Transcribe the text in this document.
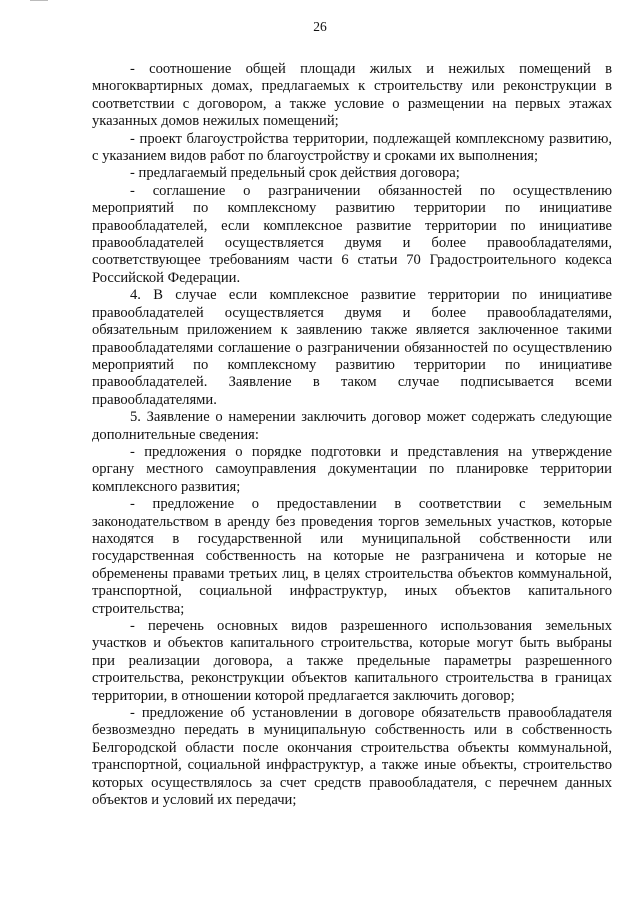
26

- соотношение общей площади жилых и нежилых помещений в многоквартирных домах, предлагаемых к строительству или реконструкции в соответствии с договором, а также условие о размещении на первых этажах указанных домов нежилых помещений;

- проект благоустройства территории, подлежащей комплексному развитию, с указанием видов работ по благоустройству и сроками их выполнения;

- предлагаемый предельный срок действия договора;

- соглашение о разграничении обязанностей по осуществлению мероприятий по комплексному развитию территории по инициативе правообладателей, если комплексное развитие территории по инициативе правообладателей осуществляется двумя и более правообладателями, соответствующее требованиям части 6 статьи 70 Градостроительного кодекса Российской Федерации.

4. В случае если комплексное развитие территории по инициативе правообладателей осуществляется двумя и более правообладателями, обязательным приложением к заявлению также является заключенное такими правообладателями соглашение о разграничении обязанностей по осуществлению мероприятий по комплексному развитию территории по инициативе правообладателей. Заявление в таком случае подписывается всеми правообладателями.

5. Заявление о намерении заключить договор может содержать следующие дополнительные сведения:

- предложения о порядке подготовки и представления на утверждение органу местного самоуправления документации по планировке территории комплексного развития;

- предложение о предоставлении в соответствии с земельным законодательством в аренду без проведения торгов земельных участков, которые находятся в государственной или муниципальной собственности или государственная собственность на которые не разграничена и которые не обременены правами третьих лиц, в целях строительства объектов коммунальной, транспортной, социальной инфраструктур, иных объектов капитального строительства;

- перечень основных видов разрешенного использования земельных участков и объектов капитального строительства, которые могут быть выбраны при реализации договора, а также предельные параметры разрешенного строительства, реконструкции объектов капитального строительства в границах территории, в отношении которой предлагается заключить договор;

- предложение об установлении в договоре обязательств правообладателя безвозмездно передать в муниципальную собственность или в собственность Белгородской области после окончания строительства объекты коммунальной, транспортной, социальной инфраструктур, а также иные объекты, строительство которых осуществлялось за счет средств правообладателя, с перечнем данных объектов и условий их передачи;
